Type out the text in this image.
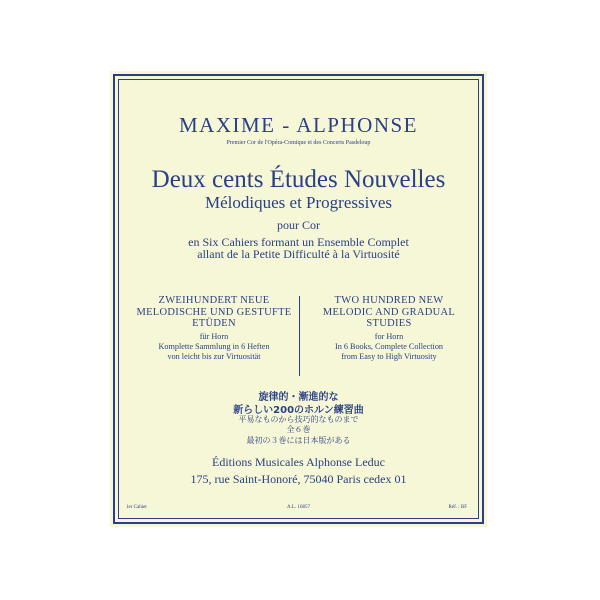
MAXIME - ALPHONSE
Premier Cor de l'Opéra-Comique et des Concerts Pasdeloup
Deux cents Études Nouvelles
Mélodiques et Progressives
pour Cor
en Six Cahiers formant un Ensemble Complet
allant de la Petite Difficulté à la Virtuosité
ZWEIHUNDERT NEUE
MELODISCHE UND GESTUFTE
ETÜDEN
für Horn
Komplette Sammlung in 6 Heften
von leicht bis zur Virtuosität
TWO HUNDRED NEW
MELODIC AND GRADUAL
STUDIES
for Horn
In 6 Books, Complete Collection
from Easy to High Virtuosity
旋律的・漸進的な
新らしい200のホルン練習曲
平易なものから技巧的なものまで
全６巻
最初の３巻には日本版がある
Éditions Musicales Alphonse Leduc
175, rue Saint-Honoré, 75040 Paris cedex 01
1er Cahier	A.L. 16857	Réf. : BF
